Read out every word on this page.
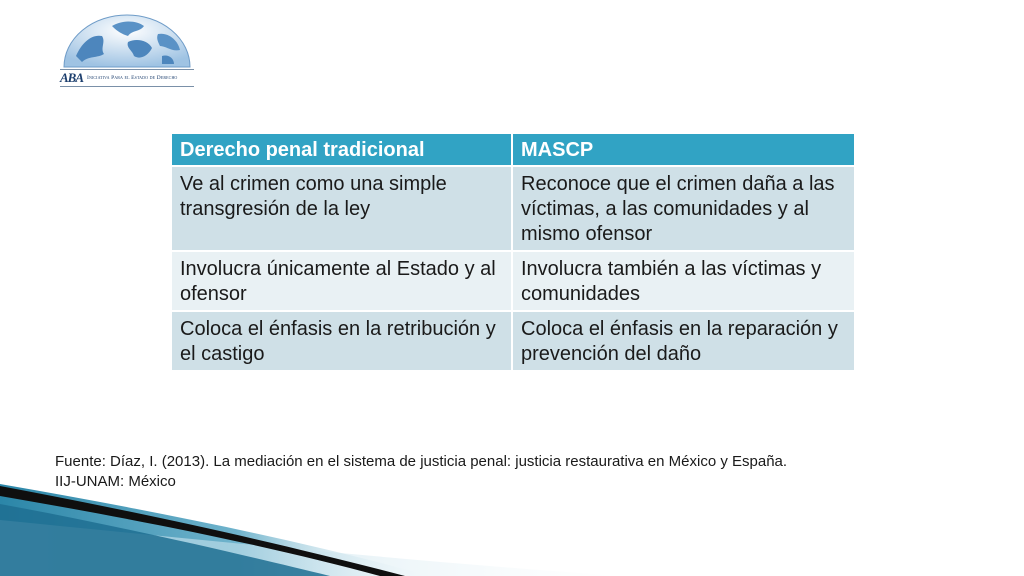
ABA Iniciativa Para el Estado de Derecho
Derecho penal tradicional	MASCP
Ve al crimen como una simple transgresión de la ley	Reconoce que el crimen daña a las víctimas, a las comunidades y al mismo ofensor
Involucra únicamente al Estado y al ofensor	Involucra también a las víctimas y comunidades
Coloca el énfasis en la retribución y el castigo	Coloca el énfasis en la reparación y prevención del daño
Fuente: Díaz, I. (2013). La mediación en el sistema de justicia penal: justicia restaurativa en México y España.
IIJ-UNAM: México
